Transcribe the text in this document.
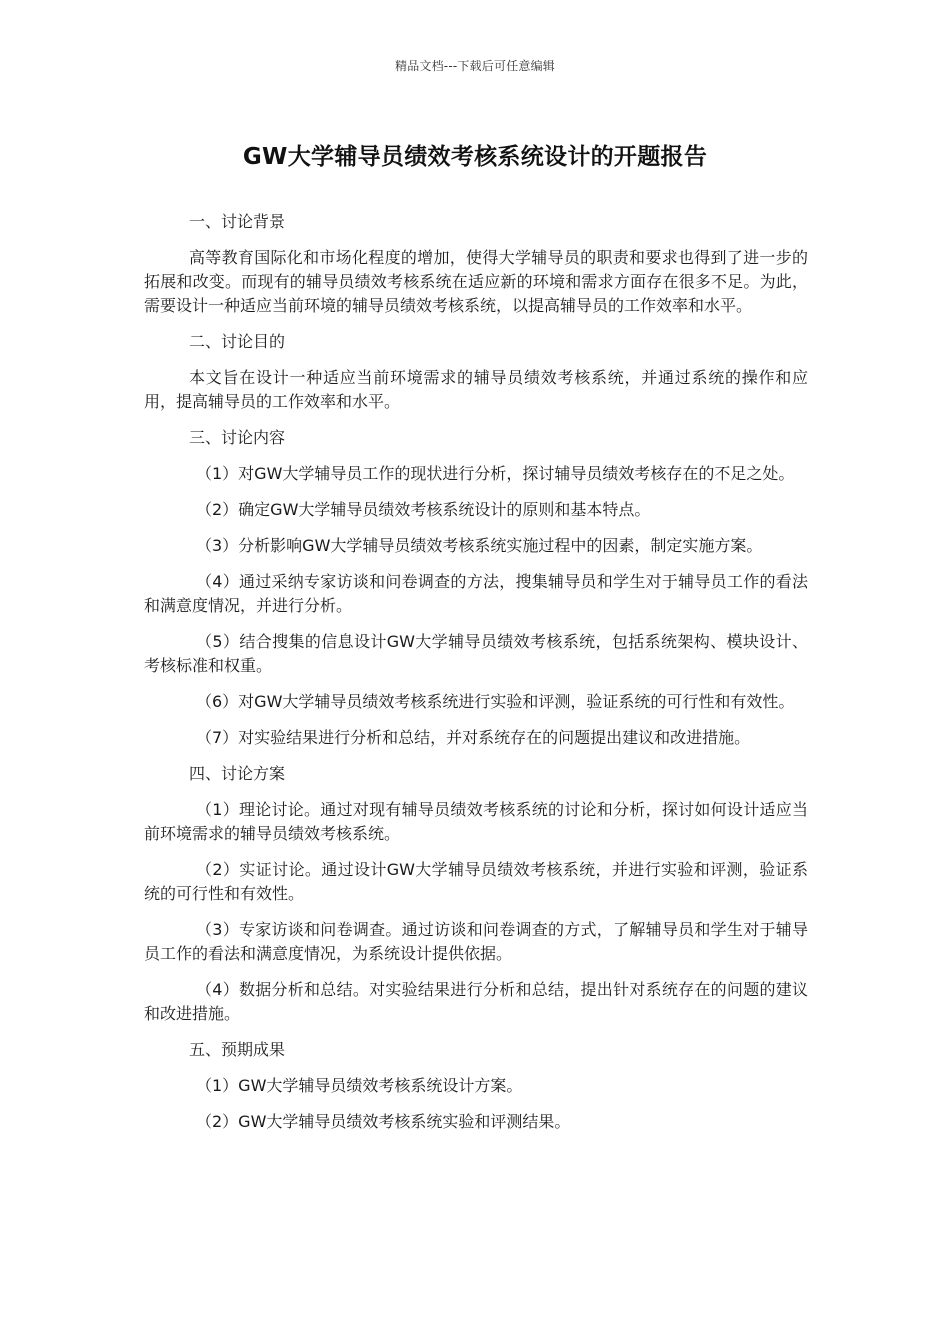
精品文档---下载后可任意编辑
GW大学辅导员绩效考核系统设计的开题报告

一、讨论背景

高等教育国际化和市场化程度的增加，使得大学辅导员的职责和要求也得到了进一步的拓展和改变。而现有的辅导员绩效考核系统在适应新的环境和需求方面存在很多不足。为此，需要设计一种适应当前环境的辅导员绩效考核系统，以提高辅导员的工作效率和水平。

二、讨论目的

本文旨在设计一种适应当前环境需求的辅导员绩效考核系统，并通过系统的操作和应用，提高辅导员的工作效率和水平。

三、讨论内容

（1）对GW大学辅导员工作的现状进行分析，探讨辅导员绩效考核存在的不足之处。

（2）确定GW大学辅导员绩效考核系统设计的原则和基本特点。

（3）分析影响GW大学辅导员绩效考核系统实施过程中的因素，制定实施方案。

（4）通过采纳专家访谈和问卷调查的方法，搜集辅导员和学生对于辅导员工作的看法和满意度情况，并进行分析。

（5）结合搜集的信息设计GW大学辅导员绩效考核系统，包括系统架构、模块设计、考核标准和权重。

（6）对GW大学辅导员绩效考核系统进行实验和评测，验证系统的可行性和有效性。

（7）对实验结果进行分析和总结，并对系统存在的问题提出建议和改进措施。

四、讨论方案

（1）理论讨论。通过对现有辅导员绩效考核系统的讨论和分析，探讨如何设计适应当前环境需求的辅导员绩效考核系统。

（2）实证讨论。通过设计GW大学辅导员绩效考核系统，并进行实验和评测，验证系统的可行性和有效性。

（3）专家访谈和问卷调查。通过访谈和问卷调查的方式，了解辅导员和学生对于辅导员工作的看法和满意度情况，为系统设计提供依据。

（4）数据分析和总结。对实验结果进行分析和总结，提出针对系统存在的问题的建议和改进措施。

五、预期成果

（1）GW大学辅导员绩效考核系统设计方案。

（2）GW大学辅导员绩效考核系统实验和评测结果。
